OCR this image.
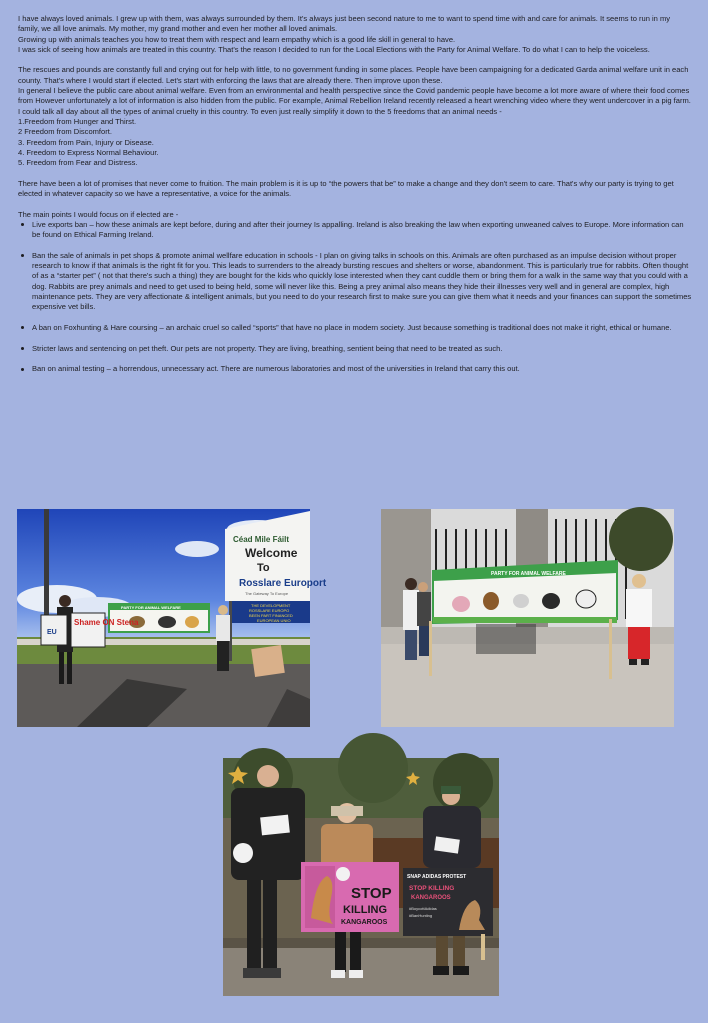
I have always loved animals. I grew up with them, was always surrounded by them. It's always just been second nature to me to want to spend time with and care for animals. It seems to run in my family, we all love animals. My mother, my grand mother and even her mother all loved animals.

Growing up with animals teaches you how to treat them with respect and learn empathy which is a good life skill in general to have.

I was sick of seeing how animals are treated in this country. That's the reason I decided to run for the Local Elections with the Party for Animal Welfare. To do what I can to help the voiceless.

The rescues and pounds are constantly full and crying out for help with little, to no government funding in some places. People have been campaigning for a dedicated Garda animal welfare unit in each county. That's where I would start if elected. Let's start with enforcing the laws that are already there. Then improve upon these.

In general I believe the public care about animal welfare. Even from an environmental and health perspective since the Covid pandemic people have become a lot more aware of where their food comes from However unfortunately a lot of information is also hidden from the public. For example, Animal Rebellion Ireland recently released a heart wrenching video where they went undercover in a pig farm. I could talk all day about all the types of animal cruelty in this country. To even just really simplify it down to the 5 freedoms that an animal needs -

1.Freedom from Hunger and Thirst.

2 Freedom from Discomfort.

3. Freedom from Pain, Injury or Disease.

4. Freedom to Express Normal Behaviour.

5. Freedom from Fear and Distress.

There have been a lot of promises that never come to fruition. The main problem is it is up to “the powers that be” to make a change and they don't seem to care. That's why our party is trying to get elected in whatever capacity so we have a representative, a voice for the animals.

The main points I would focus on if elected are -

Live exports ban – how these animals are kept before, during and after their journey Is appalling. Ireland is also breaking the law when exporting unweaned calves to Europe. More information can be found on Ethical Farming Ireland.
Ban the sale of animals in pet shops & promote animal wellfare education in schools - I plan on giving talks in schools on this. Animals are often purchased as an impulse decision without proper research to know if that animals is the right fit for you. This leads to surrenders to the already bursting rescues and shelters or worse, abandonment. This is particularly true for rabbits. Often thought of as a “starter pet” ( not that there's such a thing) they are bought for the kids who quickly lose interested when they cant cuddle them or bring them for a walk in the same way that you could with a dog. Rabbits are prey animals and need to get used to being held, some will never like this. Being a prey animal also means they hide their illnesses very well and in general are complex, high maintenance pets. They are very affectionate & intelligent animals, but you need to do your research first to make sure you can give them what it needs and your finances can support the sometimes expensive vet bills.
A ban on Foxhunting & Hare coursing – an archaic cruel so called “sports” that have no place in modern society. Just because something is traditional does not make it right, ethical or humane.
Stricter laws and sentencing on pet theft. Our pets are not property. They are living, breathing, sentient being that need to be treated as such.
Ban on animal testing – a horrendous, unnecessary act. There are numerous laboratories and most of the universities in Ireland that carry this out.
Céad Mile Fáilt
Welcome
To
Rosslare Europort
The Gateway To Europe
THE DEVELOPMENT
ROSSLARE EUROPO
BEEN PART FINANCED
EUROPEAN UNIO
PARTY FOR ANIMAL WELFARE
Shame ON Stena
EU
PARTY FOR ANIMAL WELFARE
STOP
KILLING
KANGAROOS
SNAP ADIDAS PROTEST
STOP KILLING
KANGAROOS
#BoycottAdidas
#BanHunting
